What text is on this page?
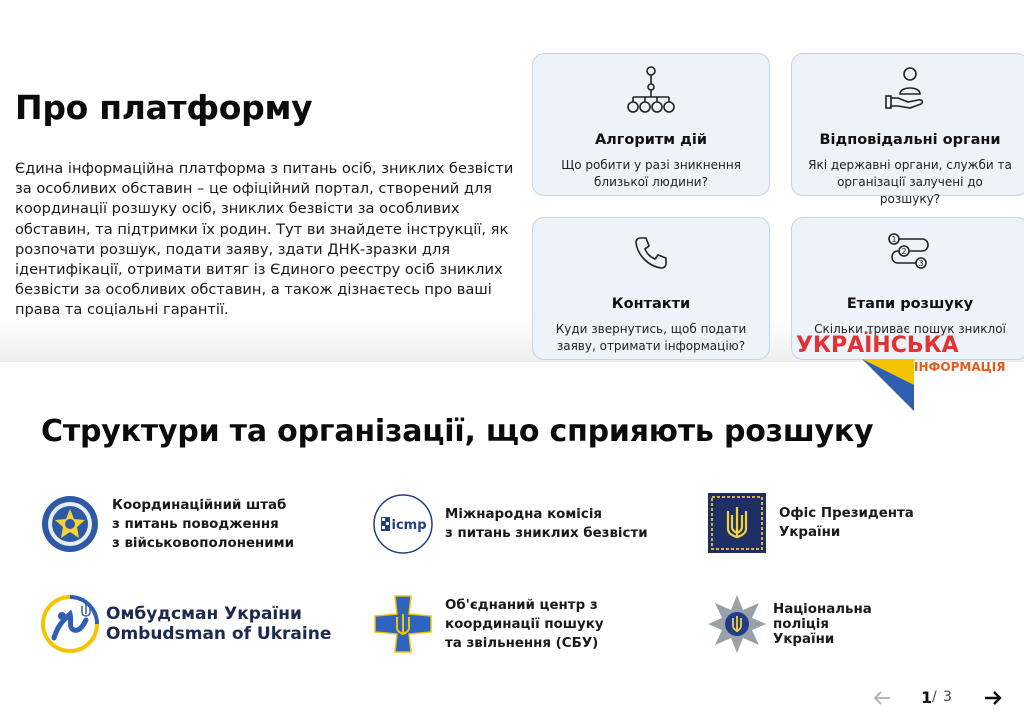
Про платформу

Єдина інформаційна платформа з питань осіб, зниклих безвісти за особливих обставин – це офіційний портал, створений для координації розшуку осіб, зниклих безвісти за особливих обставин, та підтримки їх родин. Тут ви знайдете інструкції, як розпочати розшук, подати заяву, здати ДНК-зразки для ідентифікації, отримати витяг із Єдиного реєстру осіб зниклих безвісти за особливих обставин, а також дізнаєтесь про ваші права та соціальні гарантії.

Алгоритм дій
Що робити у разі зникнення близької людини?
Відповідальні органи
Які державні органи, служби та організації залучені до розшуку?
Контакти
Куди звернутись, щоб подати заяву, отримати інформацію?
1
2
3
Етапи розшуку
Скільки триває пошук зниклої
УКРАЇНСЬКА
ІНФОРМАЦІЯ
Структури та організації, що сприяють розшуку
Координаційний штаб
з питань поводження
з військовополоненими
icmp
Міжнародна комісія
з питань зниклих безвісти
Офіс Президента
України
Омбудсман України
Ombudsman of Ukraine
Об'єднаний центр з
координації пошуку
та звільнення (СБУ)
Національна
поліція
України
1 / 3
